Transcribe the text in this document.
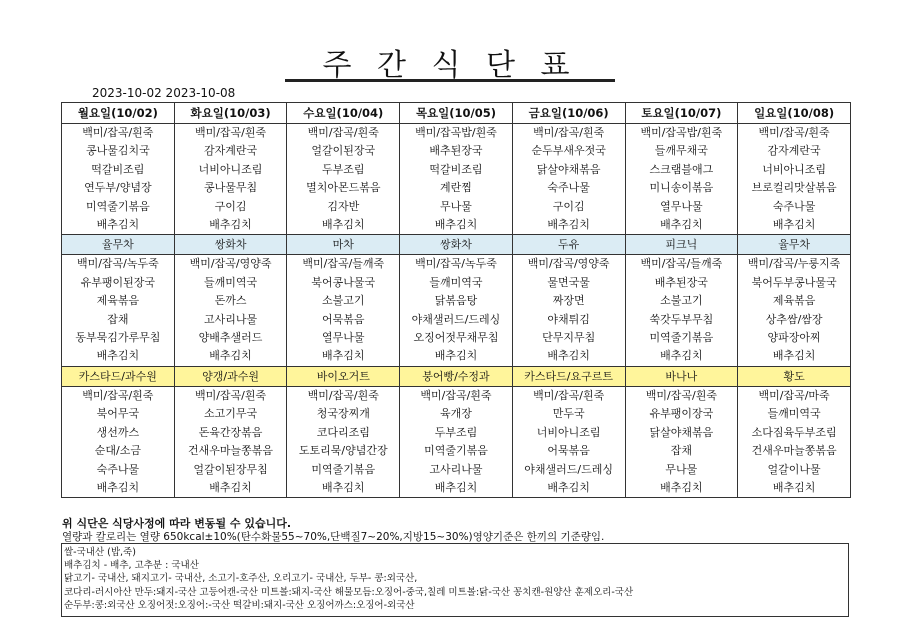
주 간 식 단 표
2023-10-02 2023-10-08
월요일(10/02)	화요일(10/03)	수요일(10/04)	목요일(10/05)	금요일(10/06)	토요일(10/07)	일요일(10/08)
백미/잡곡/흰죽	백미/잡곡/흰죽	백미/잡곡/흰죽	백미/잡곡밥/흰죽	백미/잡곡/흰죽	백미/잡곡밥/흰죽	백미/잡곡/흰죽
콩나물김치국	감자계란국	얼갈이된장국	배추된장국	순두부새우젓국	들깨무채국	감자계란국
떡갈비조림	너비아니조림	두부조림	떡갈비조림	닭살야채볶음	스크램블애그	너비아니조림
연두부/양념장	콩나물무침	멸치아몬드볶음	계란찜	숙주나물	미니송이볶음	브로컬리맛살볶음
미역줄기볶음	구이김	김자반	무나물	구이김	열무나물	숙주나물
배추김치	배추김치	배추김치	배추김치	배추김치	배추김치	배추김치
율무차	쌍화차	마차	쌍화차	두유	피크닉	율무차
백미/잡곡/녹두죽	백미/잡곡/영양죽	백미/잡곡/들깨죽	백미/잡곡/녹두죽	백미/잡곡/영양죽	백미/잡곡/들깨죽	백미/잡곡/누룽지죽
유부팽이된장국	들깨미역국	북어콩나물국	들깨미역국	물면국물	배추된장국	북어두부콩나물국
제육볶음	돈까스	소불고기	닭볶음탕	짜장면	소불고기	제육볶음
잡채	고사리나물	어묵볶음	야채샐러드/드레싱	야채튀김	쑥갓두부무침	상추쌈/쌈장
동부묵김가루무침	양배추샐러드	열무나물	오징어젓무채무침	단무지무침	미역줄기볶음	양파장아찌
배추김치	배추김치	배추김치	배추김치	배추김치	배추김치	배추김치
카스타드/과수원	양갱/과수원	바이오거트	붕어빵/수정과	카스타드/요구르트	바나나	황도
백미/잡곡/흰죽	백미/잡곡/흰죽	백미/잡곡/흰죽	백미/잡곡/흰죽	백미/잡곡/흰죽	백미/잡곡/흰죽	백미/잡곡/마죽
북어무국	소고기무국	청국장찌개	육개장	만두국	유부팽이장국	들깨미역국
생선까스	돈육간장볶음	코다리조림	두부조림	너비아니조림	닭살야채볶음	소다짐육두부조림
순대/소금	건새우마늘쫑볶음	도토리묵/양념간장	미역줄기볶음	어묵볶음	잡채	건새우마늘쫑볶음
숙주나물	얼갈이된장무침	미역줄기볶음	고사리나물	야채샐러드/드레싱	무나물	얼갈이나물
배추김치	배추김치	배추김치	배추김치	배추김치	배추김치	배추김치
위 식단은 식당사정에 따라 변동될 수 있습니다.
열량과 칼로리는 열량 650kcal±10%(탄수화물55~70%,단백질7~20%,지방15~30%)영양기준은 한끼의 기준량임.
쌀-국내산 (밥,죽)
배추김치 - 배추, 고추분 : 국내산
닭고기- 국내산, 돼지고기- 국내산, 소고기-호주산, 오리고기- 국내산, 두부- 콩:외국산,
코다리-러시아산 만두:돼지-국산 고등어캔-국산 미트볼:돼지-국산 해물모듬:오징어-중국,칠레 미트볼:닭-국산 꽁치캔-원양산 훈제오리-국산
순두부:콩:외국산 오징어젓:오징어:-국산 떡갈비:돼지-국산 오징어까스:오징어-외국산
